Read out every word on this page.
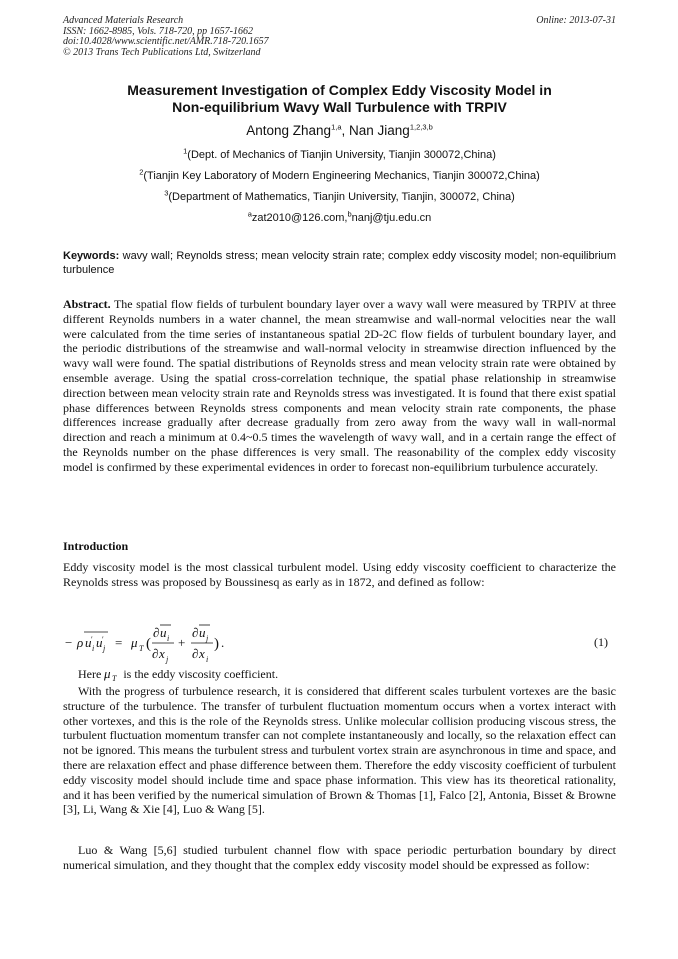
Advanced Materials Research
ISSN: 1662-8985, Vols. 718-720, pp 1657-1662
doi:10.4028/www.scientific.net/AMR.718-720.1657
© 2013 Trans Tech Publications Ltd, Switzerland
Online: 2013-07-31
Measurement Investigation of Complex Eddy Viscosity Model in
Non-equilibrium Wavy Wall Turbulence with TRPIV
Antong Zhang$^{1,a}$, Nan Jiang$^{1,2,3,b}$
$^1$(Dept. of Mechanics of Tianjin University, Tianjin 300072,China)
$^2$(Tianjin Key Laboratory of Modern Engineering Mechanics, Tianjin 300072,China)
$^3$(Department of Mathematics, Tianjin University, Tianjin, 300072, China)
$^a$zat2010@126.com,$^b$nanj@tju.edu.cn
Keywords: wavy wall; Reynolds stress; mean velocity strain rate; complex eddy viscosity model; non-equilibrium turbulence
Abstract. The spatial flow fields of turbulent boundary layer over a wavy wall were measured by TRPIV at three different Reynolds numbers in a water channel, the mean streamwise and wall-normal velocities near the wall were calculated from the time series of instantaneous spatial 2D-2C flow fields of turbulent boundary layer, and the periodic distributions of the streamwise and wall-normal velocity in streamwise direction influenced by the wavy wall were found. The spatial distributions of Reynolds stress and mean velocity strain rate were obtained by ensemble average. Using the spatial cross-correlation technique, the spatial phase relationship in streamwise direction between mean velocity strain rate and Reynolds stress was investigated. It is found that there exist spatial phase differences between Reynolds stress components and mean velocity strain rate components, the phase differences increase gradually after decrease gradually from zero away from the wavy wall in wall-normal direction and reach a minimum at 0.4~0.5 times the wavelength of wavy wall, and in a certain range the effect of the Reynolds number on the phase differences is very small. The reasonability of the complex eddy viscosity model is confirmed by these experimental evidences in order to forecast non-equilibrium turbulence accurately.
Introduction
Eddy viscosity model is the most classical turbulent model. Using eddy viscosity coefficient to characterize the Reynolds stress was proposed by Boussinesq as early as in 1872, and defined as follow:
− ρ u i
′ u j
′ = μ T (
∂ u i
∂ x j
+
∂ u j
∂ x i
) .	(1)
Here μ T is the eddy viscosity coefficient.
With the progress of turbulence research, it is considered that different scales turbulent vortexes are the basic structure of the turbulence. The transfer of turbulent fluctuation momentum occurs when a vortex interact with other vortexes, and this is the role of the Reynolds stress. Unlike molecular collision producing viscous stress, the turbulent fluctuation momentum transfer can not complete instantaneously and locally, so the relaxation effect can not be ignored. This means the turbulent stress and turbulent vortex strain are asynchronous in time and space, and there are relaxation effect and phase difference between them. Therefore the eddy viscosity coefficient of turbulent eddy viscosity model should include time and space phase information. This view has its theoretical rationality, and it has been verified by the numerical simulation of Brown & Thomas [1], Falco [2], Antonia, Bisset & Browne [3], Li, Wang & Xie [4], Luo & Wang [5].
Luo & Wang [5,6] studied turbulent channel flow with space periodic perturbation boundary by direct numerical simulation, and they thought that the complex eddy viscosity model should be expressed as follow:
